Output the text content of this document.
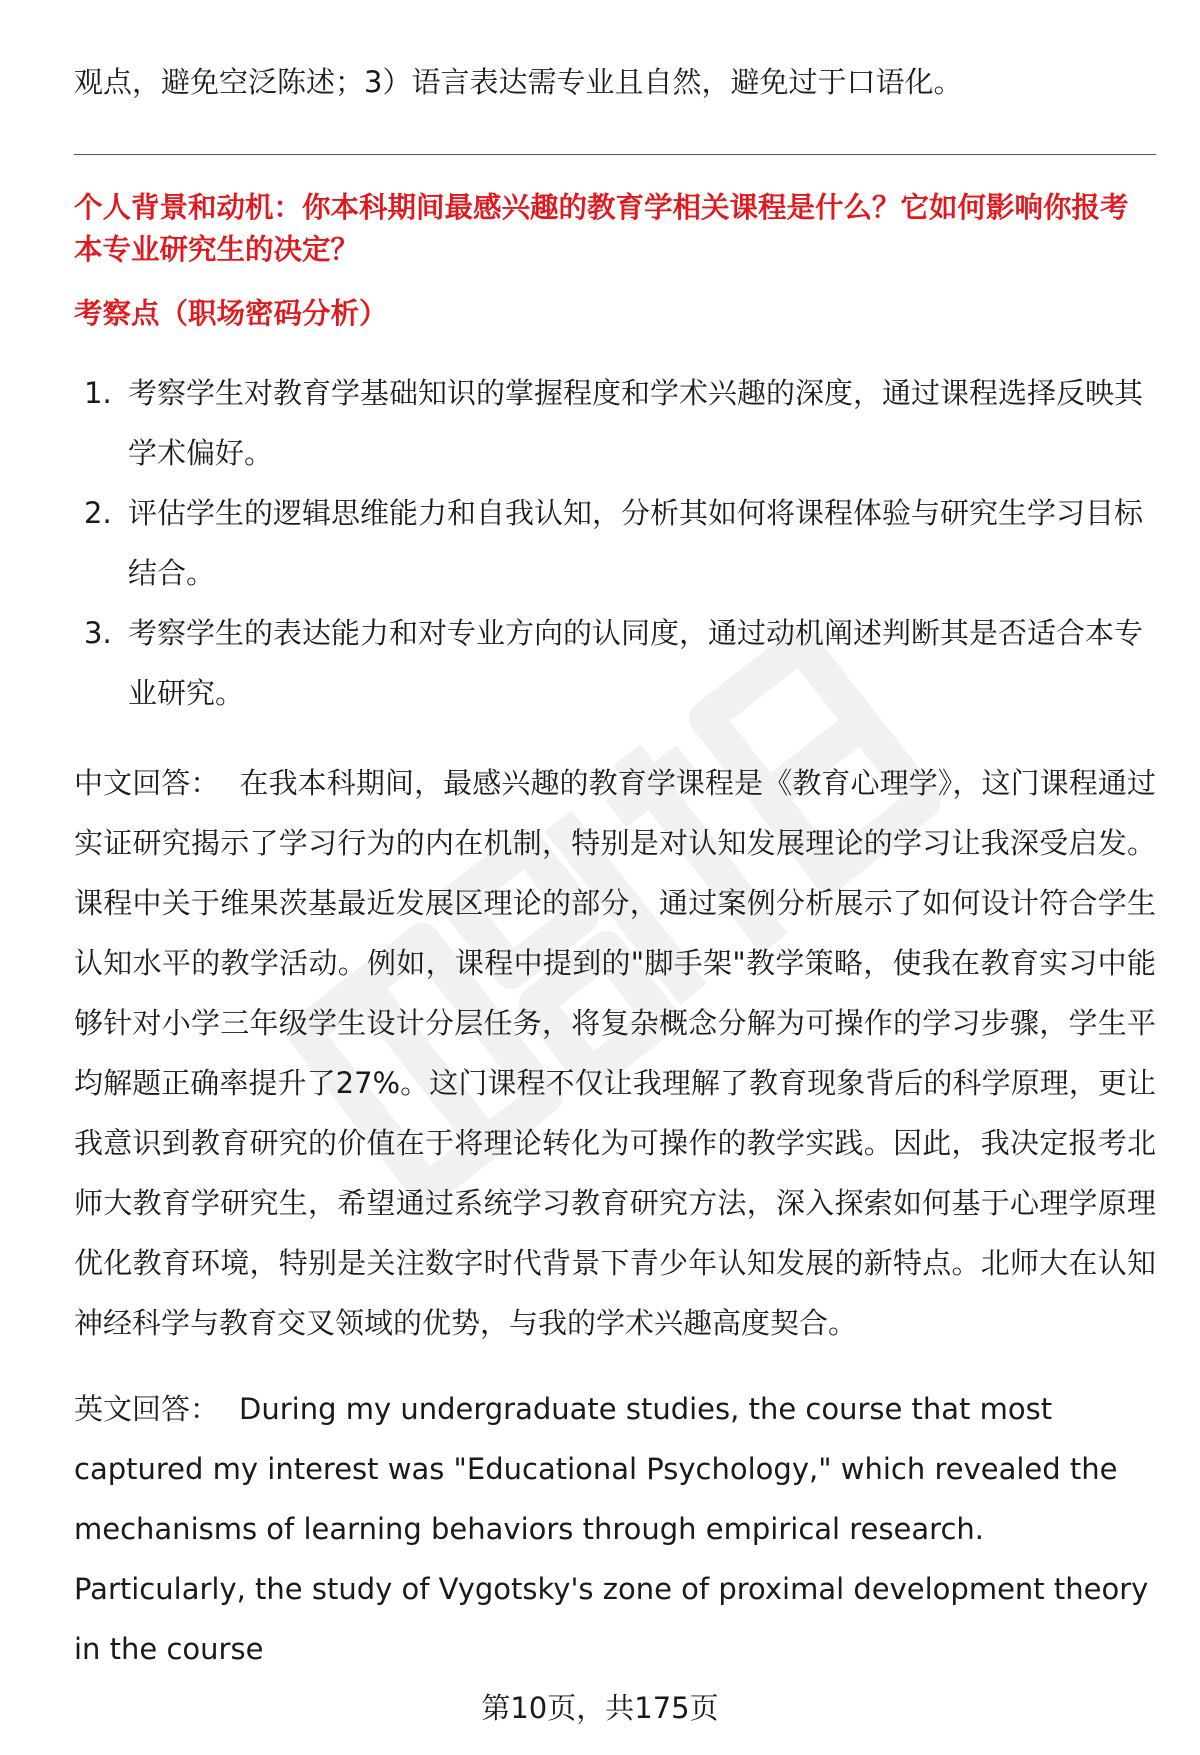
观点，避免空泛陈述；3）语言表达需专业且自然，避免过于口语化。

个人背景和动机：你本科期间最感兴趣的教育学相关课程是什么？它如何影响你报考本专业研究生的决定？
考察点（职场密码分析）
1. 考察学生对教育学基础知识的掌握程度和学术兴趣的深度，通过课程选择反映其学术偏好。
2. 评估学生的逻辑思维能力和自我认知，分析其如何将课程体验与研究生学习目标结合。
3. 考察学生的表达能力和对专业方向的认同度，通过动机阐述判断其是否适合本专业研究。

中文回答： 在我本科期间，最感兴趣的教育学课程是《教育心理学》，这门课程通过实证研究揭示了学习行为的内在机制，特别是对认知发展理论的学习让我深受启发。课程中关于维果茨基最近发展区理论的部分，通过案例分析展示了如何设计符合学生认知水平的教学活动。例如，课程中提到的"脚手架"教学策略，使我在教育实习中能够针对小学三年级学生设计分层任务，将复杂概念分解为可操作的学习步骤，学生平均解题正确率提升了27%。这门课程不仅让我理解了教育现象背后的科学原理，更让我意识到教育研究的价值在于将理论转化为可操作的教学实践。因此，我决定报考北师大教育学研究生，希望通过系统学习教育研究方法，深入探索如何基于心理学原理优化教育环境，特别是关注数字时代背景下青少年认知发展的新特点。北师大在认知神经科学与教育交叉领域的优势，与我的学术兴趣高度契合。

英文回答： During my undergraduate studies, the course that most captured my interest was "Educational Psychology," which revealed the mechanisms of learning behaviors through empirical research. Particularly, the study of Vygotsky's zone of proximal development theory in the course

第10页，共175页
